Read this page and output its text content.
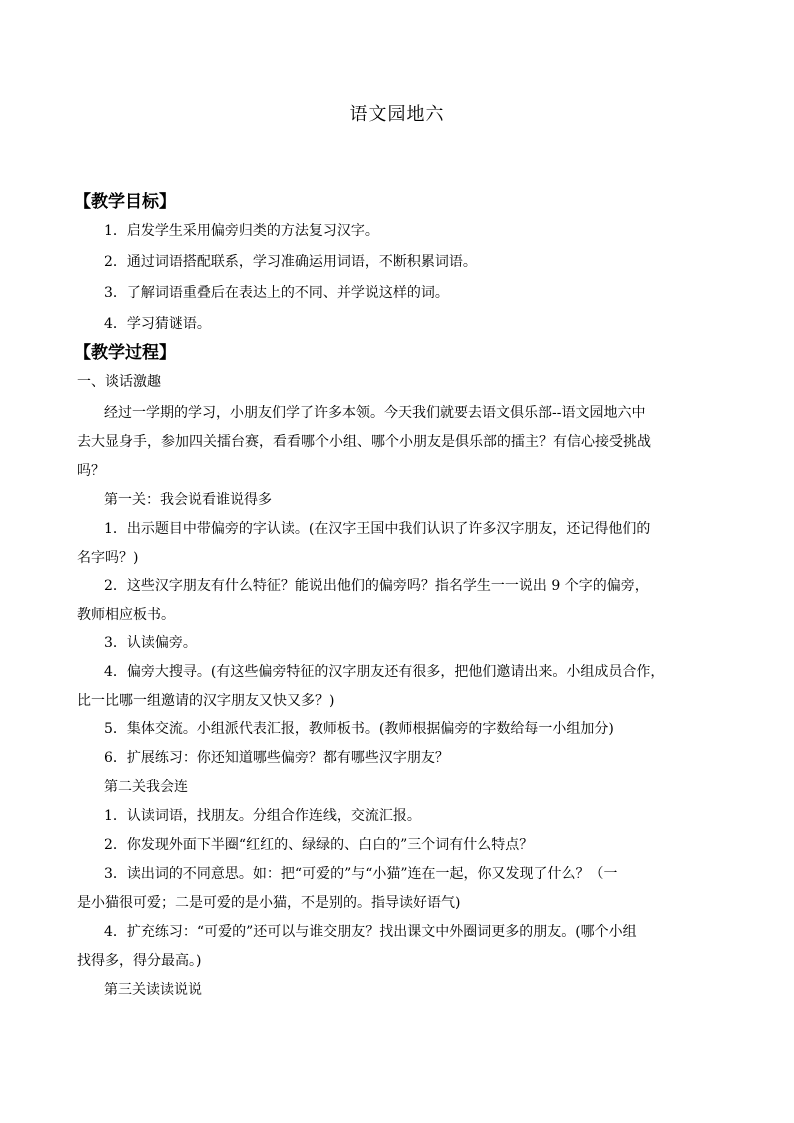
语文园地六
【教学目标】
1．启发学生采用偏旁归类的方法复习汉字。
2．通过词语搭配联系，学习准确运用词语，不断积累词语。
3．了解词语重叠后在表达上的不同、并学说这样的词。
4．学习猜谜语。
【教学过程】
一、谈话激趣
经过一学期的学习，小朋友们学了许多本领。今天我们就要去语文俱乐部--语文园地六中
去大显身手，参加四关擂台赛，看看哪个小组、哪个小朋友是俱乐部的擂主？有信心接受挑战
吗？
第一关：我会说看谁说得多
1．出示题目中带偏旁的字认读。(在汉字王国中我们认识了许多汉字朋友，还记得他们的
名字吗？)
2．这些汉字朋友有什么特征？能说出他们的偏旁吗？指名学生一一说出 9 个字的偏旁，
教师相应板书。
3．认读偏旁。
4．偏旁大搜寻。(有这些偏旁特征的汉字朋友还有很多，把他们邀请出来。小组成员合作，
比一比哪一组邀请的汉字朋友又快又多？)
5．集体交流。小组派代表汇报，教师板书。(教师根据偏旁的字数给每一小组加分)
6．扩展练习：你还知道哪些偏旁？都有哪些汉字朋友？
第二关我会连
1．认读词语，找朋友。分组合作连线，交流汇报。
2．你发现外面下半圈“红红的、绿绿的、白白的”三个词有什么特点？
3．读出词的不同意思。如：把“可爱的”与“小猫”连在一起，你又发现了什么？（一
是小猫很可爱；二是可爱的是小猫，不是别的。指导读好语气)
4．扩充练习：“可爱的”还可以与谁交朋友？找出课文中外圈词更多的朋友。(哪个小组
找得多，得分最高。)
第三关读读说说
